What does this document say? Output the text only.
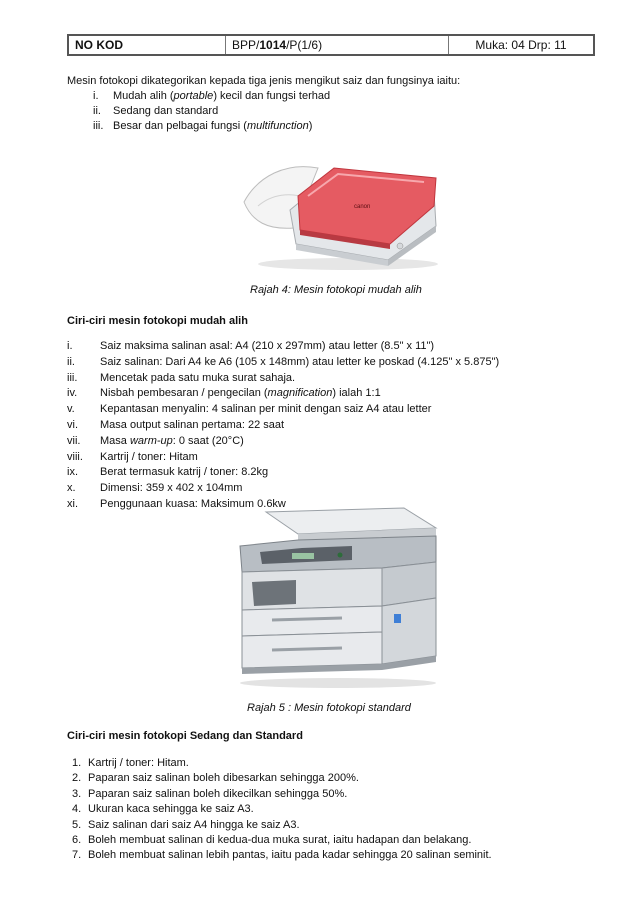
NO KOD	BPP/ 1014 /P(1/6)	Muka: 04 Drp: 11
Mesin fotokopi dikategorikan kepada tiga jenis mengikut saiz dan fungsinya iaitu:
i. Mudah alih (portable) kecil dan fungsi terhad
ii. Sedang dan standard
iii. Besar dan pelbagai fungsi (multifunction)
canon
Rajah 4: Mesin fotokopi mudah alih
Ciri-ciri mesin fotokopi mudah alih
i.	Saiz maksima salinan asal: A4 (210 x 297mm) atau letter (8.5" x 11")
ii. Saiz salinan: Dari A4 ke A6 (105 x 148mm) atau letter ke poskad (4.125" x 5.875")
iii. Mencetak pada satu muka surat sahaja.
iv. Nisbah pembesaran / pengecilan (magnification) ialah 1:1
v. Kepantasan menyalin: 4 salinan per minit dengan saiz A4 atau letter
vi. Masa output salinan pertama: 22 saat
vii. Masa warm-up: 0 saat (20°C)
viii. Kartrij / toner: Hitam
ix. Berat termasuk katrij / toner: 8.2kg
x. Dimensi: 359 x 402 x 104mm
xi. Penggunaan kuasa: Maksimum 0.6kw
Rajah 5 : Mesin fotokopi standard
Ciri-ciri mesin fotokopi Sedang dan Standard
1. Kartrij / toner: Hitam.
2. Paparan saiz salinan boleh dibesarkan sehingga 200%.
3. Paparan saiz salinan boleh dikecilkan sehingga 50%.
4. Ukuran kaca sehingga ke saiz A3.
5. Saiz salinan dari saiz A4 hingga ke saiz A3.
6. Boleh membuat salinan di kedua-dua muka surat, iaitu hadapan dan belakang.
7. Boleh membuat salinan lebih pantas, iaitu pada kadar sehingga 20 salinan seminit.
